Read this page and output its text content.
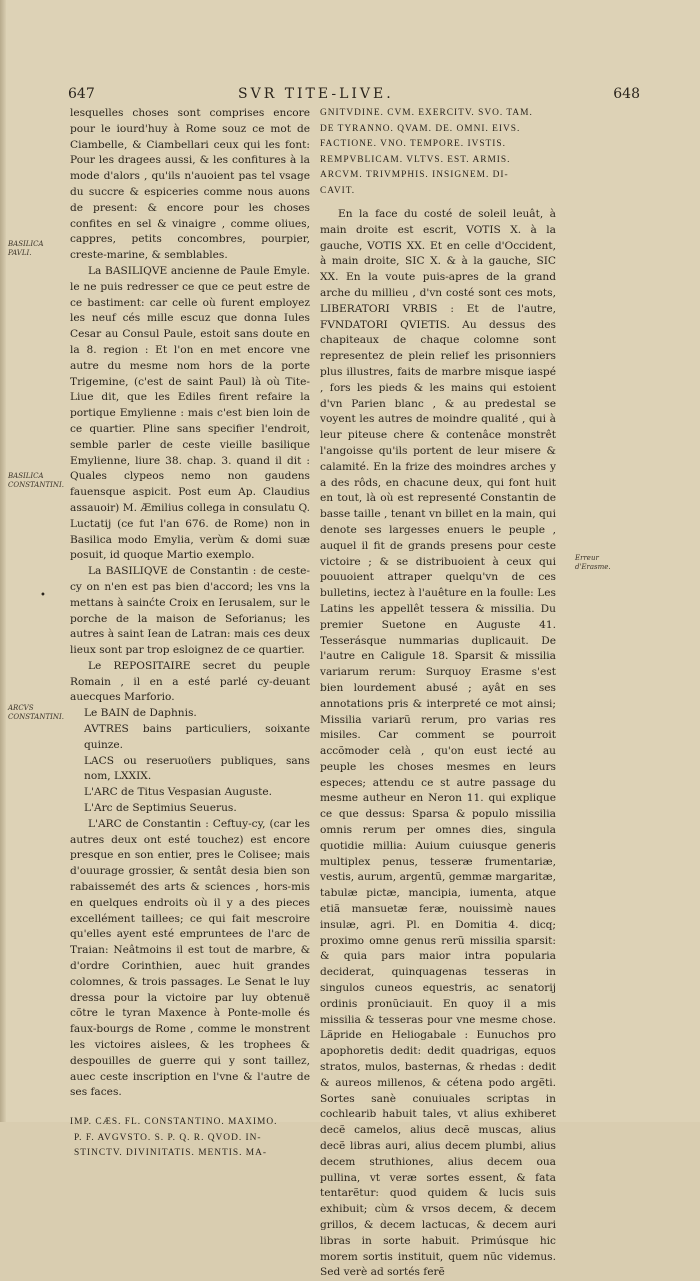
647	SVR TITE-LIVE.	648
BASILICA PAVLI.
BASILICA CONSTANTINI.
ARCVS CONSTANTINI.
Erreur d'Erasme.
•

lesquelles choses sont comprises encore pour le iourd'huy à Rome souz ce mot de Ciambelle, & Ciambellari ceux qui les font: Pour les dragees aussi, & les confitures à la mode d'alors , qu'ils n'auoient pas tel vsage du succre & espiceries comme nous auons de present: & encore pour les choses confites en sel & vinaigre , comme oliues, cappres, petits concombres, pourpier, creste-marine, & semblables.

La BASILIQVE ancienne de Paule Emyle. le ne puis redresser ce que ce peut estre de ce bastiment: car celle où furent employez les neuf cés mille escuz que donna Iules Cesar au Consul Paule, estoit sans doute en la 8. region : Et l'on en met encore vne autre du mesme nom hors de la porte Trigemine, (c'est de saint Paul) là où Tite-Liue dit, que les Ediles firent refaire la portique Emylienne : mais c'est bien loin de ce quartier. Pline sans specifier l'endroit, semble parler de ceste vieille basilique Emylienne, liure 38. chap. 3. quand il dit : Quales clypeos nemo non gaudens fauensque aspicit. Post eum Ap. Claudius assauoir) M. Æmilius collega in consulatu Q. Luctatij (ce fut l'an 676. de Rome) non in Basilica modo Emylia, verùm & domi suæ posuit, id quoque Martio exemplo.

La BASILIQVE de Constantin : de ceste-cy on n'en est pas bien d'accord; les vns la mettans à sainćte Croix en Ierusalem, sur le porche de la maison de Seforianus; les autres à saint Iean de Latran: mais ces deux lieux sont par trop esloignez de ce quartier.

Le REPOSITAIRE secret du peuple Romain , il en a esté parlé cy-deuant auecques Marforio.

Le BAIN de Daphnis.

AVTRES bains particuliers, soixante quinze.

LACS ou reseruoüers publiques, sans nom, LXXIX.

L'ARC de Titus Vespasian Auguste.

L'Arc de Septimius Seuerus.

L'ARC de Constantin : Ceftuy-cy, (car les autres deux ont esté touchez) est encore presque en son entier, pres le Colisee; mais d'ouurage grossier, & sentât desia bien son rabaissemét des arts & sciences , hors-mis en quelques endroits où il y a des pieces excellément taillees; ce qui fait mescroire qu'elles ayent esté empruntees de l'arc de Traian: Neâtmoins il est tout de marbre, & d'ordre Corinthien, auec huit grandes colomnes, & trois passages. Le Senat le luy dressa pour la victoire par luy obtenuë cõtre le tyran Maxence à Ponte-molle és faux-bourgs de Rome , comme le monstrent les victoires aislees, & les trophees & despouilles de guerre qui y sont taillez, auec ceste inscription en l'vne & l'autre de ses faces.

IMP. CÆS. FL. CONSTANTINO. MAXIMO.

P. F. AVGVSTO. S. P. Q. R. QVOD. IN-

STINCTV. DIVINITATIS. MENTIS. MA-

GNITVDINE. CVM. EXERCITV. SVO. TAM.

DE TYRANNO. QVAM. DE. OMNI. EIVS.

FACTIONE. VNO. TEMPORE. IVSTIS.

REMPVBLICAM. VLTVS. EST. ARMIS.

ARCVM. TRIVMPHIS. INSIGNEM. DI-

CAVIT.

En la face du costé de soleil leuât, à main droite est escrit, VOTIS X. à la gauche, VOTIS XX. Et en celle d'Occident, à main droite, SIC X. & à la gauche, SIC XX. En la voute puis-apres de la grand arche du millieu , d'vn costé sont ces mots, LIBERATORI VRBIS : Et de l'autre, FVNDATORI QVIETIS. Au dessus des chapiteaux de chaque colomne sont representez de plein relief les prisonniers plus illustres, faits de marbre misque iaspé , fors les pieds & les mains qui estoient d'vn Parien blanc , & au predestal se voyent les autres de moindre qualité , qui à leur piteuse chere & contenâce monstrêt l'angoisse qu'ils portent de leur misere & calamité. En la frize des moindres arches y a des rôds, en chacune deux, qui font huit en tout, là où est representé Constantin de basse taille , tenant vn billet en la main, qui denote ses largesses enuers le peuple , auquel il fit de grands presens pour ceste victoire ; & se distribuoient à ceux qui pouuoient attraper quelqu'vn de ces bulletins, iectez à l'auêture en la foulle: Les Latins les appellêt tessera & missilia. Du premier Suetone en Auguste 41. Tesserásque nummarias duplicauit. De l'autre en Caligule 18. Sparsit & missilia variarum rerum: Surquoy Erasme s'est bien lourdement abusé ; ayât en ses annotations pris & interpreté ce mot ainsi; Missilia variarũ rerum, pro varias res misiles. Car comment se pourroit accõmoder celà , qu'on eust iecté au peuple les choses mesmes en leurs especes; attendu ce st autre passage du mesme autheur en Neron 11. qui explique ce que dessus: Sparsa & populo missilia omnis rerum per omnes dies, singula quotidie millia: Auium cuiusque generis multiplex penus, tesseræ frumentariæ, vestis, aurum, argentũ, gemmæ margaritæ, tabulæ pictæ, mancipia, iumenta, atque etiã mansuetæ feræ, nouissimè naues insulæ, agri. Pl. en Domitia 4. dicq; proximo omne genus rerũ missilia sparsit: & quia pars maior intra popularia deciderat, quinquagenas tesseras in singulos cuneos equestris, ac senatorij ordinis pronũciauit. En quoy il a mis missilia & tesseras pour vne mesme chose. Lãpride en Heliogabale : Eunuchos pro apophoretis dedit: dedit quadrigas, equos stratos, mulos, basternas, & rhedas : dedit & aureos millenos, & cétena podo argẽti. Sortes sanè conuiuales scriptas in cochlearib habuit tales, vt alius exhiberet decẽ camelos, alius decẽ muscas, alius decẽ libras auri, alius decem plumbi, alius decem struthiones, alius decem oua pullina, vt veræ sortes essent, & fata tentarẽtur: quod quidem & lucis suis exhibuit; cùm & vrsos decem, & decem grillos, & decem lactucas, & decem auri libras in sorte habuit. Primúsque hic morem sortis instituit, quem nũc videmus. Sed verè ad sortés ferẽ
